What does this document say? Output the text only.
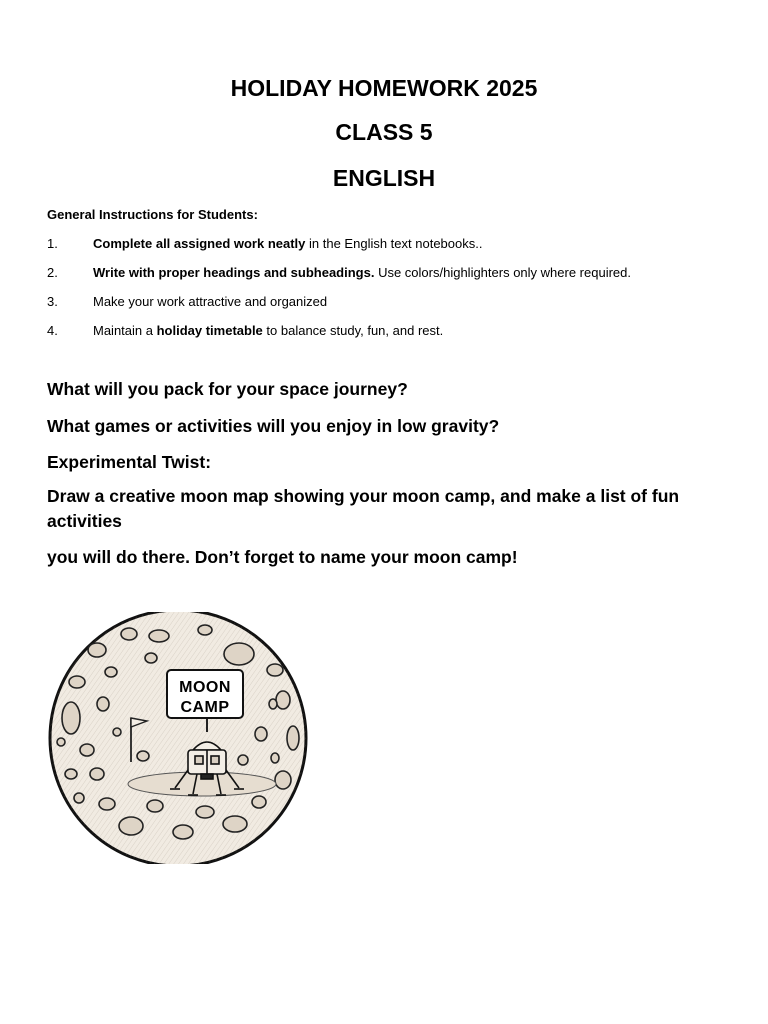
HOLIDAY HOMEWORK 2025
CLASS 5
ENGLISH

General Instructions for Students:

1.	Complete all assigned work neatly in the English text notebooks..
2.	Write with proper headings and subheadings. Use colors/highlighters only where required.
3.	Make your work attractive and organized
4.	Maintain a holiday timetable to balance study, fun, and rest.

What will you pack for your space journey?

What games or activities will you enjoy in low gravity?

Experimental Twist:

Draw a creative moon map showing your moon camp, and make a list of fun activities

you will do there. Don’t forget to name your moon camp!

MOON
CAMP
